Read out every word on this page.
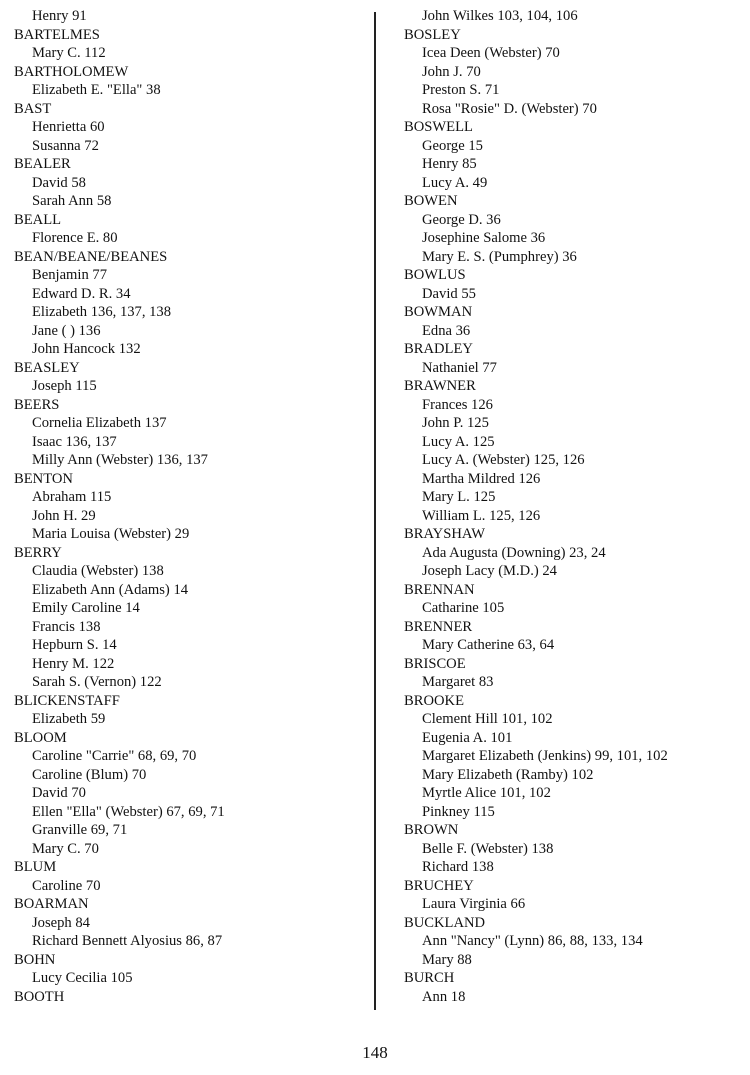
Henry 91
BARTELMES
Mary C. 112
BARTHOLOMEW
Elizabeth E. "Ella" 38
BAST
Henrietta 60
Susanna 72
BEALER
David 58
Sarah Ann 58
BEALL
Florence E. 80
BEAN/BEANE/BEANES
Benjamin 77
Edward D. R. 34
Elizabeth 136, 137, 138
Jane ( ) 136
John Hancock 132
BEASLEY
Joseph 115
BEERS
Cornelia Elizabeth 137
Isaac 136, 137
Milly Ann (Webster) 136, 137
BENTON
Abraham 115
John H. 29
Maria Louisa (Webster) 29
BERRY
Claudia (Webster) 138
Elizabeth Ann (Adams) 14
Emily Caroline 14
Francis 138
Hepburn S. 14
Henry M. 122
Sarah S. (Vernon) 122
BLICKENSTAFF
Elizabeth 59
BLOOM
Caroline "Carrie" 68, 69, 70
Caroline (Blum) 70
David 70
Ellen "Ella" (Webster) 67, 69, 71
Granville 69, 71
Mary C. 70
BLUM
Caroline 70
BOARMAN
Joseph 84
Richard Bennett Alyosius 86, 87
BOHN
Lucy Cecilia 105
BOOTH
John Wilkes 103, 104, 106
BOSLEY
Icea Deen (Webster) 70
John J. 70
Preston S. 71
Rosa "Rosie" D. (Webster) 70
BOSWELL
George 15
Henry 85
Lucy A. 49
BOWEN
George D. 36
Josephine Salome 36
Mary E. S. (Pumphrey) 36
BOWLUS
David 55
BOWMAN
Edna 36
BRADLEY
Nathaniel 77
BRAWNER
Frances 126
John P. 125
Lucy A. 125
Lucy A. (Webster) 125, 126
Martha Mildred 126
Mary L. 125
William L. 125, 126
BRAYSHAW
Ada Augusta (Downing) 23, 24
Joseph Lacy (M.D.) 24
BRENNAN
Catharine 105
BRENNER
Mary Catherine 63, 64
BRISCOE
Margaret 83
BROOKE
Clement Hill 101, 102
Eugenia A. 101
Margaret Elizabeth (Jenkins) 99, 101, 102
Mary Elizabeth (Ramby) 102
Myrtle Alice 101, 102
Pinkney 115
BROWN
Belle F. (Webster) 138
Richard 138
BRUCHEY
Laura Virginia 66
BUCKLAND
Ann "Nancy" (Lynn) 86, 88, 133, 134
Mary 88
BURCH
Ann 18
148
